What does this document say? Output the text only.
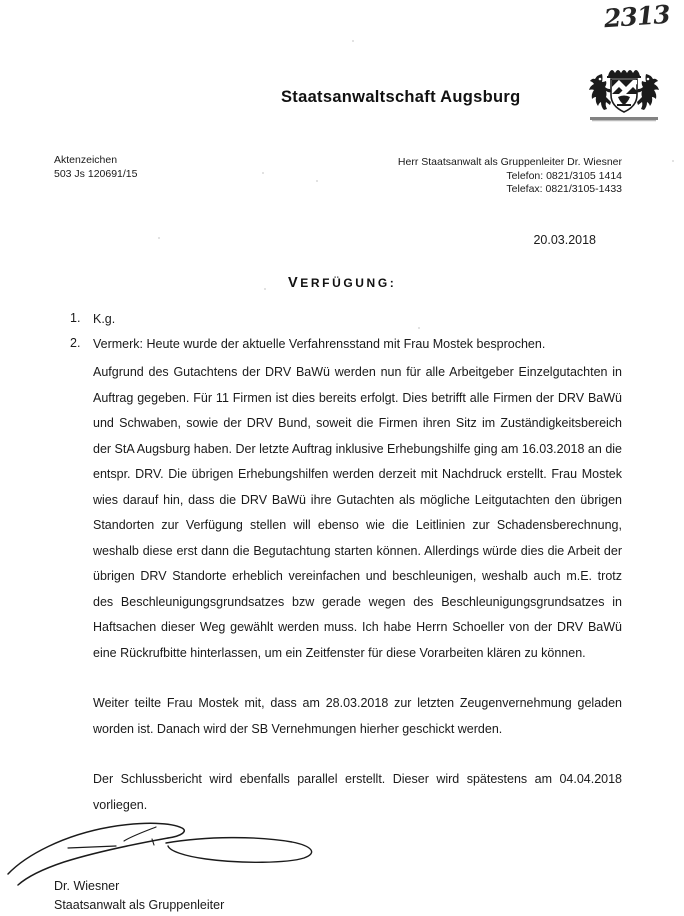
2313
Staatsanwaltschaft Augsburg
Aktenzeichen
503 Js 120691/15
Herr Staatsanwalt als Gruppenleiter Dr. Wiesner
Telefon: 0821/3105 1414
Telefax: 0821/3105-1433
20.03.2018
VERFÜGUNG:
1.	K.g.
2.	Vermerk: Heute wurde der aktuelle Verfahrensstand mit Frau Mostek besprochen.

Aufgrund des Gutachtens der DRV BaWü werden nun für alle Arbeitgeber Einzelgutachten in Auftrag gegeben. Für 11 Firmen ist dies bereits erfolgt. Dies betrifft alle Firmen der DRV BaWü und Schwaben, sowie der DRV Bund, soweit die Firmen ihren Sitz im Zuständigkeitsbereich der StA Augsburg haben. Der letzte Auftrag inklusive Erhebungshilfe ging am 16.03.2018 an die entspr. DRV. Die übrigen Erhebungshilfen werden derzeit mit Nachdruck erstellt. Frau Mostek wies darauf hin, dass die DRV BaWü ihre Gutachten als mögliche Leitgutachten den übrigen Standorten zur Verfügung stellen will ebenso wie die Leitlinien zur Schadensberechnung, weshalb diese erst dann die Begutachtung starten können. Allerdings würde dies die Arbeit der übrigen DRV Standorte erheblich vereinfachen und beschleunigen, weshalb auch m.E. trotz des Beschleunigungsgrundsatzes bzw gerade wegen des Beschleunigungsgrundsatzes in Haftsachen dieser Weg gewählt werden muss. Ich habe Herrn Schoeller von der DRV BaWü eine Rückrufbitte hinterlassen, um ein Zeitfenster für diese Vorarbeiten klären zu können.

Weiter teilte Frau Mostek mit, dass am 28.03.2018 zur letzten Zeugenvernehmung geladen worden ist. Danach wird der SB Vernehmungen hierher geschickt werden.

Der Schlussbericht wird ebenfalls parallel erstellt. Dieser wird spätestens am 04.04.2018 vorliegen.

Dr. Wiesner
Staatsanwalt als Gruppenleiter
